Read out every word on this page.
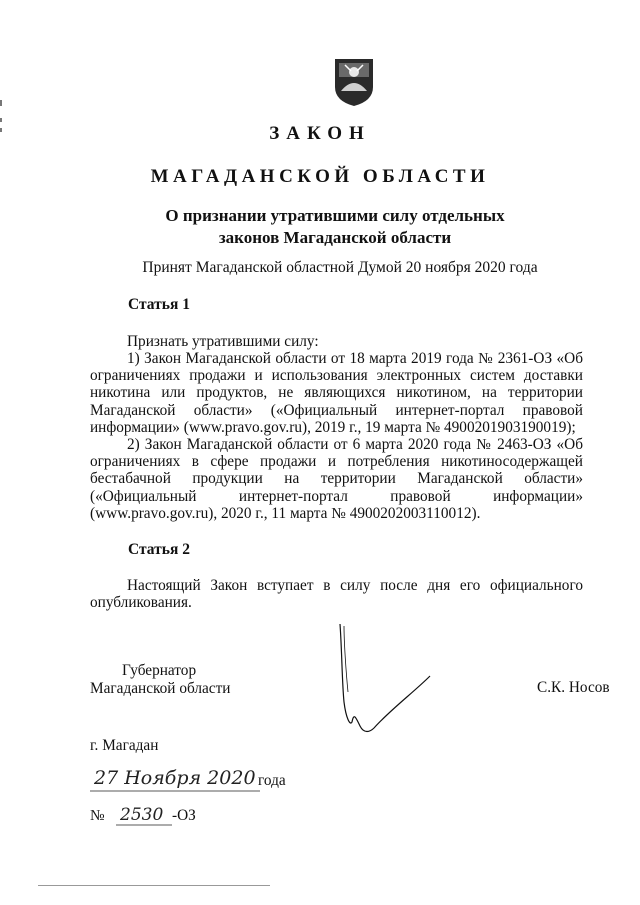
ЗАКОН
МАГАДАНСКОЙ ОБЛАСТИ
О признании утратившими силу отдельных
законов Магаданской области
Принят Магаданской областной Думой 20 ноября 2020 года
Статья 1
Признать утратившими силу:
1) Закон Магаданской области от 18 марта 2019 года № 2361-ОЗ «Об ограничениях продажи и использования электронных систем доставки никотина или продуктов, не являющихся никотином, на территории Магаданской области» («Официальный интернет-портал правовой информации» (www.pravo.gov.ru), 2019 г., 19 марта № 4900201903190019);
2) Закон Магаданской области от 6 марта 2020 года № 2463-ОЗ «Об ограничениях в сфере продажи и потребления никотиносодержащей бестабачной продукции на территории Магаданской области» («Официальный интернет-портал правовой информации» (www.pravo.gov.ru), 2020 г., 11 марта № 4900202003110012).
Статья 2
Настоящий Закон вступает в силу после дня его официального опубликования.
Губернатор
Магаданской области	С.К. Носов
г. Магадан
27 Ноября 2020 года
№ 2530 -ОЗ
